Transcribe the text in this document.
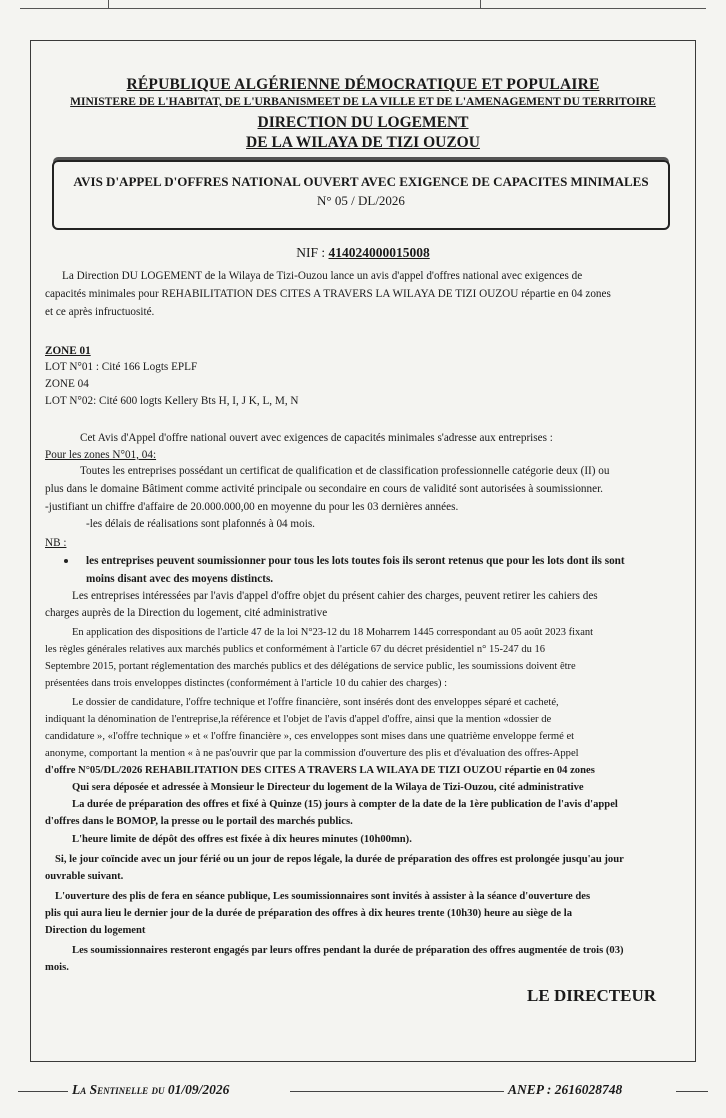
RÉPUBLIQUE ALGÉRIENNE DÉMOCRATIQUE ET POPULAIRE
MINISTERE DE L'HABITAT, DE L'URBANISMEET DE LA VILLE ET DE L'AMENAGEMENT DU TERRITOIRE
DIRECTION DU LOGEMENT
DE LA WILAYA DE TIZI OUZOU
AVIS D'APPEL D'OFFRES NATIONAL OUVERT AVEC EXIGENCE DE CAPACITES MINIMALES
N° 05 / DL/2026
NIF : 414024000015008
La Direction DU LOGEMENT de la Wilaya de Tizi-Ouzou lance un avis d'appel d'offres national avec exigences de
capacités minimales pour REHABILITATION DES CITES A TRAVERS LA WILAYA DE TIZI OUZOU répartie en 04 zones
et ce après infructuosité.
ZONE 01
LOT N°01 : Cité 166 Logts EPLF
ZONE 04
LOT N°02: Cité 600 logts Kellery Bts H, I, J K, L, M, N
Cet Avis d'Appel d'offre national ouvert avec exigences de capacités minimales s'adresse aux entreprises :
Pour les zones N°01, 04:
Toutes les entreprises possédant un certificat de qualification et de classification professionnelle catégorie deux (II) ou
plus dans le domaine Bâtiment comme activité principale ou secondaire en cours de validité sont autorisées à soumissionner.
-justifiant un chiffre d'affaire de 20.000.000,00 en moyenne du pour les 03 dernières années.
-les délais de réalisations sont plafonnés à 04 mois.
NB :
les entreprises peuvent soumissionner pour tous les lots toutes fois ils seront retenus que pour les lots dont ils sont
moins disant avec des moyens distincts.
Les entreprises intéressées par l'avis d'appel d'offre objet du présent cahier des charges, peuvent retirer les cahiers des
charges auprès de la Direction du logement, cité administrative
En application des dispositions de l'article 47 de la loi N°23-12 du 18 Moharrem 1445 correspondant au 05 août 2023 fixant
les règles générales relatives aux marchés publics et conformément à l'article 67 du décret présidentiel n° 15-247 du 16
Septembre 2015, portant réglementation des marchés publics et des délégations de service public, les soumissions doivent être
présentées dans trois enveloppes distinctes (conformément à l'article 10 du cahier des charges) :
Le dossier de candidature, l'offre technique et l'offre financière, sont insérés dont des enveloppes séparé et cacheté,
indiquant la dénomination de l'entreprise,la référence et l'objet de l'avis d'appel d'offre, ainsi que la mention «dossier de
candidature », «l'offre technique » et « l'offre financière », ces enveloppes sont mises dans une quatrième enveloppe fermé et
anonyme, comportant la mention « à ne pas'ouvrir que par la commission d'ouverture des plis et d'évaluation des offres-Appel
d'offre N°05/DL/2026 REHABILITATION DES CITES A TRAVERS LA WILAYA DE TIZI OUZOU répartie en 04 zones
Qui sera déposée et adressée à Monsieur le Directeur du logement de la Wilaya de Tizi-Ouzou, cité administrative
La durée de préparation des offres et fixé à Quinze (15) jours à compter de la date de la 1ère publication de l'avis d'appel
d'offres dans le BOMOP, la presse ou le portail des marchés publics.
L'heure limite de dépôt des offres est fixée à dix heures minutes (10h00mn).
Si, le jour coïncide avec un jour férié ou un jour de repos légale, la durée de préparation des offres est prolongée jusqu'au jour
ouvrable suivant.
L'ouverture des plis de fera en séance publique, Les soumissionnaires sont invités à assister à la séance d'ouverture des
plis qui aura lieu le dernier jour de la durée de préparation des offres à dix heures trente (10h30) heure au siège de la
Direction du logement
Les soumissionnaires resteront engagés par leurs offres pendant la durée de préparation des offres augmentée de trois (03)
mois.
LE DIRECTEUR
La Sentinelle du 01/09/2026	ANEP : 2616028748
